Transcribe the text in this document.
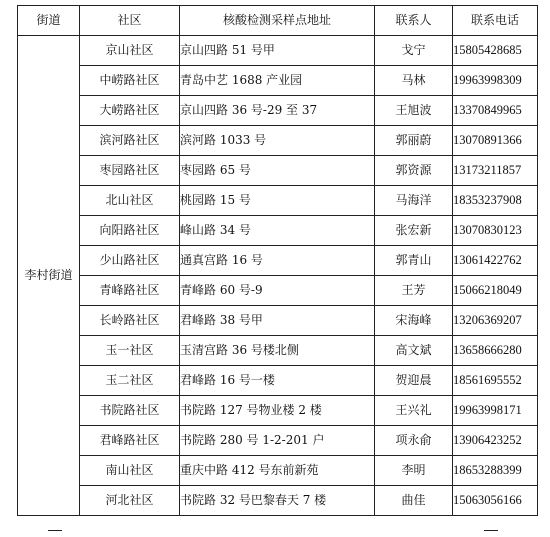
街道	社区	核酸检测采样点地址	联系人	联系电话
李村街道	京山社区	京山四路 51 号甲	戈宁	15805428685
	中崂路社区	青岛中艺 1688 产业园	马林	19963998309
	大崂路社区	京山四路 36 号-29 至 37	王旭波	13370849965
	滨河路社区	滨河路 1033 号	郭丽蔚	13070891366
	枣园路社区	枣园路 65 号	郭资源	13173211857
	北山社区	桃园路 15 号	马海洋	18353237908
	向阳路社区	峰山路 34 号	张宏新	13070830123
	少山路社区	通真宫路 16 号	郭青山	13061422762
	青峰路社区	青峰路 60 号-9	王芳	15066218049
	长岭路社区	君峰路 38 号甲	宋海峰	13206369207
	玉一社区	玉清宫路 36 号楼北侧	高文斌	13658666280
	玉二社区	君峰路 16 号一楼	贺迎晨	18561695552
	书院路社区	书院路 127 号物业楼 2 楼	王兴礼	19963998171
	君峰路社区	书院路 280 号 1-2-201 户	项永俞	13906423252
	南山社区	重庆中路 412 号东前新苑	李明	18653288399
	河北社区	书院路 32 号巴黎春天 7 楼	曲佳	15063056166
